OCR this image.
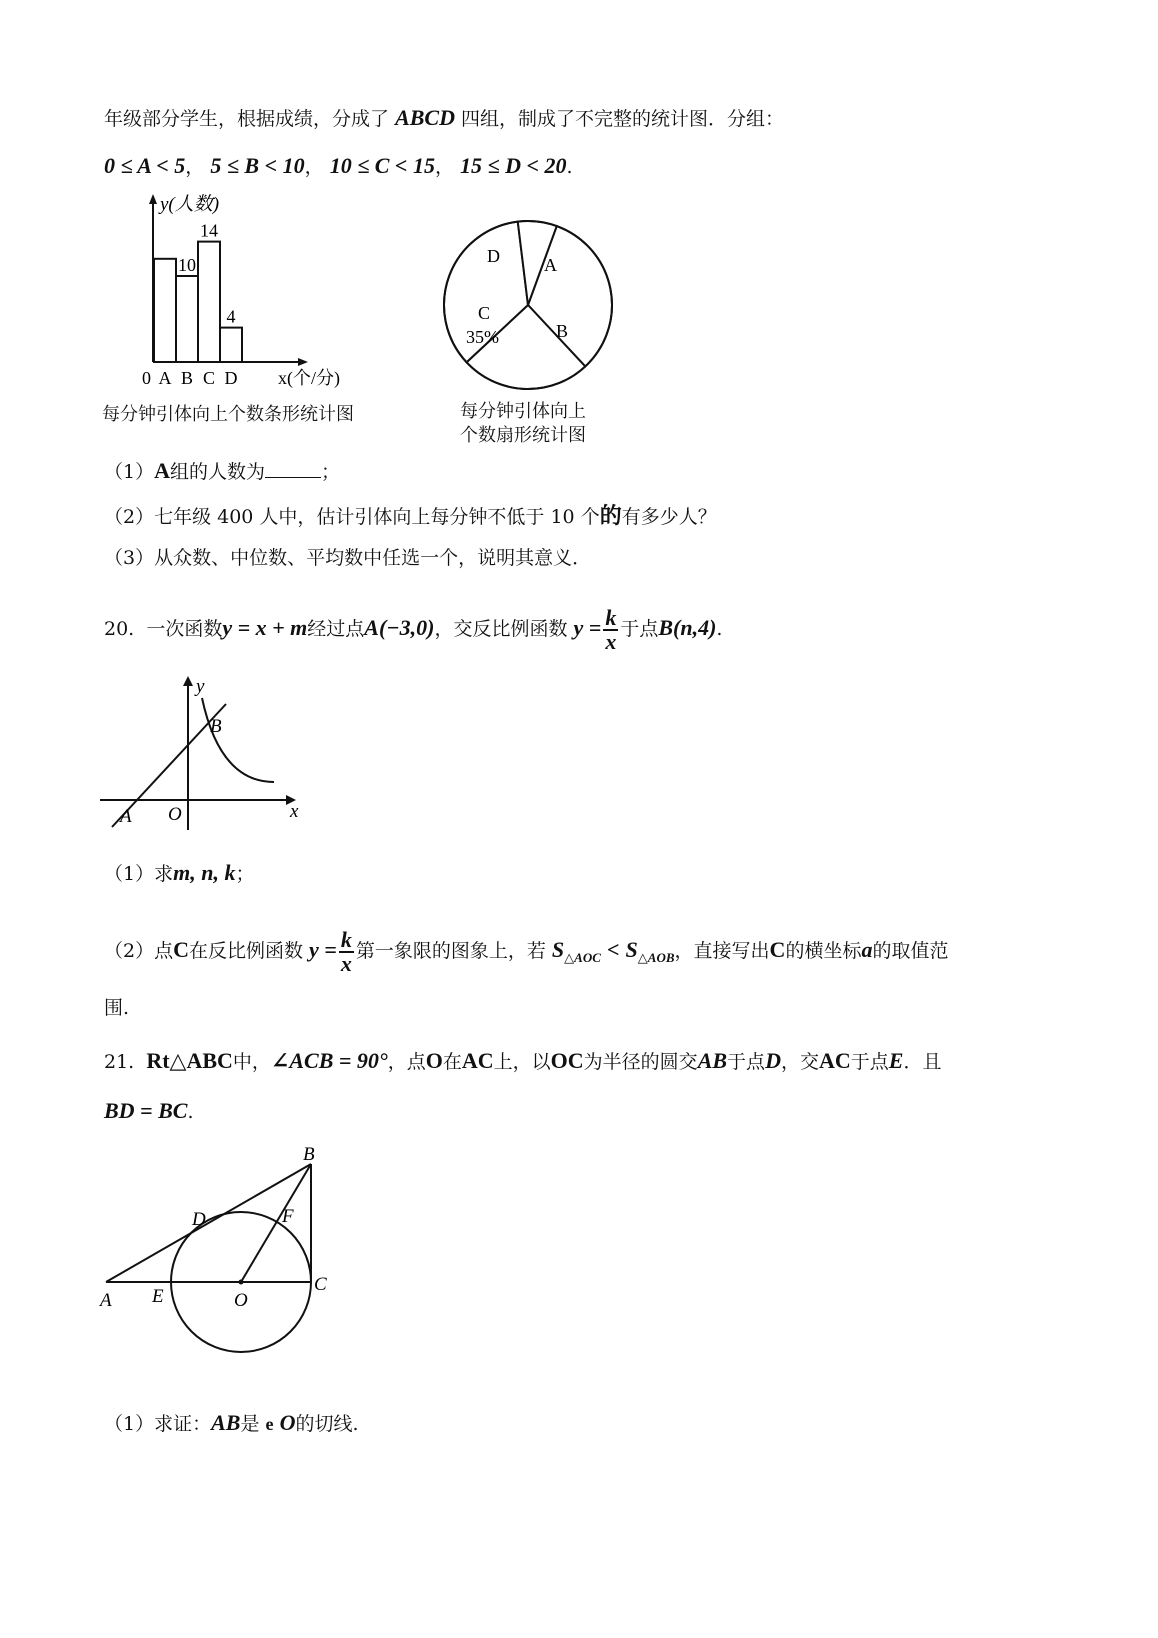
年级部分学生，根据成绩，分成了 ABCD 四组，制成了不完整的统计图．分组：
0 ≤ A < 5， 5 ≤ B < 10， 10 ≤ C < 15， 15 ≤ D < 20.
y(人数)
x(个/分)
0 A
10
B
14
C
4
D
每分钟引体向上个数条形统计图
A
B
C
35%
D
每分钟引体向上
个数扇形统计图
（1）A组的人数为	；
（2）七年级 400 人中，估计引体向上每分钟不低于 10 个的有多少人？
（3）从众数、中位数、平均数中任选一个，说明其意义．
20. 一次函数y = x + m经过点A(−3,0)，交反比例函数 $y = \frac{k}{x}$ 于点B(n,4).
y
B
A O	x
（1）求m, n, k；
（2）点C在反比例函数 $y = \frac{k}{x}$ 第一象限的图象上，若 $S_{\triangle AOC} < S_{\triangle AOB}$，直接写出C的横坐标a的取值范
围.
21. Rt△ABC中，∠ACB = 90°，点O在AC上，以OC为半径的圆交AB于点D，交AC于点E．且
BD = BC.
B
D	F
A E	O
C
（1）求证：AB是 e O的切线.
